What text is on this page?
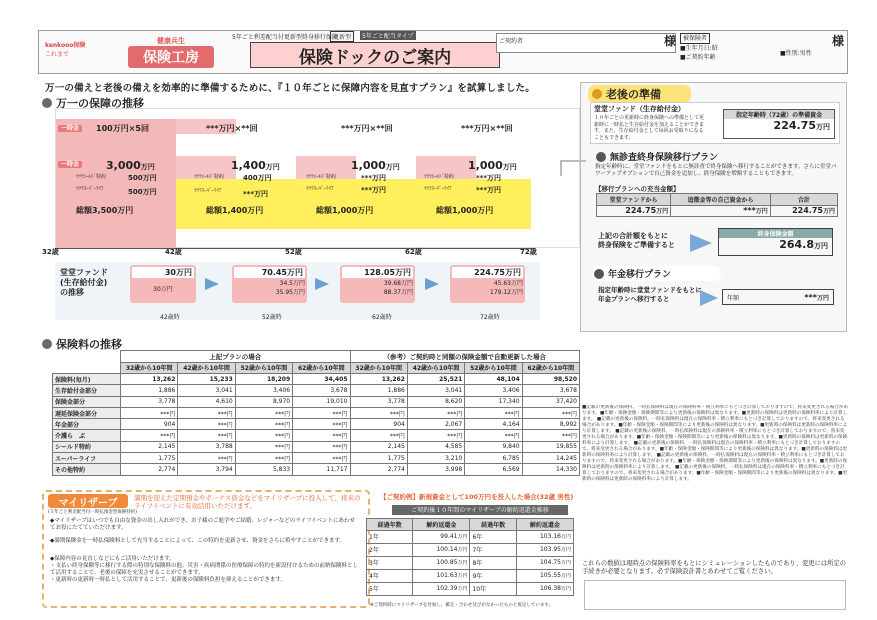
kenkooo保険
これまで
健康兵生
保険工房
5年ごと利差配当付更新型終身移行保険
更新型	5年ごと配当タイプ
保険ドックのご案内
ご契約者	様	被保険者
■生年月日:昭
■ご契約年齢
■性別:男性
様
万一の備えと老後の備えを効率的に準備するために、『１０年ごとに保障内容を見直すプラン』を試算しました。
万一の保障の推移
一時金	100万円×5回	***万円×**回	***万円×**回	***万円×**回
一時金 3,000万円	1,400万円	1,000万円	1,000万円
ﾏﾂﾗｼｰﾙﾄﾞ特約	500万円
ﾏﾂﾗｽｰﾊﾟｰﾗｲﾌ	500万円
ﾏﾂﾗｼｰﾙﾄﾞ特約	400万円
ﾏﾂﾗｽｰﾊﾟｰﾗｲﾌ	***万円
ﾏﾂﾗｼｰﾙﾄﾞ特約	***万円
ﾏﾂﾗｽｰﾊﾟｰﾗｲﾌ	***万円
ﾏﾂﾗｼｰﾙﾄﾞ特約	***万円
ﾏﾂﾗｽｰﾊﾟｰﾗｲﾌ	***万円
総額3,500万円	総額1,400万円	総額1,000万円	総額1,000万円
32歳	42歳	52歳	62歳	72歳
堂堂ファンド
(生存給付金)
の推移
30万円
30万円
70.45万円
34.5万円
35.95万円
128.05万円
39.68万円
88.37万円
224.75万円
45.63万円
179.12万円
42歳時	52歳時	62歳時	72歳時
老後の準備
堂堂ファンド（生存給付金）
１０年ごとの更新時に終身保険への準備として更新時に一時払と生存給付金を加えることができます。また、生存給付金として毎回お受取りになることもできます。
指定年齢時（72歳）の準備資金
224.75万円
無診査終身保険移行プラン
指定年齢時に、堂堂ファンドをもとに無診査で終身保険へ移行することができます。さらに堂堂パワーアップオプションで自己資金を追加し、終身保険を増額することもできます。
【移行プランへの充当金額】
堂堂ファンドから	追徴金等の自己資金から	合計
224.75万円	***万円	224.75万円
上記の合計額をもとに
終身保険をご準備すると
終身保険金額
264.8万円
年金移行プラン
指定年齢時に堂堂ファンドをもとに
年金プランへ移行すると	年額	***万円
保険料の推移
	上記プランの場合				（参考）ご契約時と同額の保険金額で自動更新した場合			
	32歳から10年間	42歳から10年間	52歳から10年間	62歳から10年間	32歳から10年間	42歳から10年間	52歳から10年間	62歳から10年間
保険料(毎月)	13,262	15,233	18,209	34,405	13,262	25,521	48,104	98,520
生存給付金部分	1,886	3,041	3,406	3,678	1,886	3,041	3,406	3,678
保険金部分	3,778	4,610	8,970	19,010	3,778	8,620	17,340	37,420
遅延保険金部分	***円	***円	***円	***円	***円	***円	***円	***円
年金部分	904	***円	***円	***円	904	2,067	4,164	8,992
介護ら　ぶ	***円	***円	***円	***円	***円	***円	***円	***円
シールド特約	2,145	3,788	***円	***円	2,145	4,585	9,840	19,855
スーパーライフ	1,775	***円	***円	***円	1,775	3,210	6,785	14,245
その他特約	2,774	3,794	5,833	11,717	2,774	3,998	6,569	14,330
マイリザーブ
(５年ごと利差配当付一時払預金型保険特約)
満期を迎えた定期預金やボーナス資金などをマイリザーブに投入して、将来のライフイベントに有効活用いただけます。
◆マイリザーブはいつでも自由な資金の出し入れができ、お子様のご進学やご結婚、レジャーなどのライフイベントにあわせてお役にたてていただけます。
◆満期保険金を一時払保険料として充当することによって、この特約を更新させ、資金をさらに殖やすことができます。
◆保障内容の見直しなどにもご活用いただけます。
・支払い終身保険等に移行する際の特別な保険料の他、災害・疾病関係の医療保障の特約を新設付けるための前納保険料として活用することで、老後の保障を充実させることができます。
・更新時の更新時一時払として活用することで、更新後の保険料負担を抑えることができます。
【ご契約例】新規資金として100万円を投入した場合(32歳 男性)
ご契約後１０年間のマイリザーブの解約返還金推移
経過年数	解約返還金	経過年数	解約返還金
1年	99.41万円	6年	103.16万円
2年	100.14万円	7年	103.95万円
3年	100.85万円	8年	104.75万円
4年	101.63万円	9年	105.55万円
5年	102.39万円	10年	106.38万円
※ご契約時にマイリザーブを付加し、確定・合わせ及びがなかったものと仮定しています。
■記載の更新後の保険料、一時払保険料は現在の保険料率・積立利率にもとづき計算しておりますので、将来変更される場合があります。■年齢・保険金額・保険期間等により更新後の保険料は異なります。■更新時の保険料は更新時の保険料率により計算します。 ■記載の更新後の保険料、一時払保険料は現在の保険料率・積立利率にもとづき計算しておりますので、将来変更される場合があります。■年齢・保険金額・保険期間等により更新後の保険料は異なります。■更新時の保険料は更新時の保険料率により計算します。 ■記載の更新後の保険料、一時払保険料は現在の保険料率・積立利率にもとづき計算しておりますので、将来変更される場合があります。■年齢・保険金額・保険期間等により更新後の保険料は異なります。■更新時の保険料は更新時の保険料率により計算します。 ■記載の更新後の保険料、一時払保険料は現在の保険料率・積立利率にもとづき計算しておりますので、将来変更される場合があります。■年齢・保険金額・保険期間等により更新後の保険料は異なります。■更新時の保険料は更新時の保険料率により計算します。 ■記載の更新後の保険料、一時払保険料は現在の保険料率・積立利率にもとづき計算しておりますので、将来変更される場合があります。■年齢・保険金額・保険期間等により更新後の保険料は異なります。■更新時の保険料は更新時の保険料率により計算します。 ■記載の更新後の保険料、一時払保険料は現在の保険料率・積立利率にもとづき計算しておりますので、将来変更される場合があります。■年齢・保険金額・保険期間等により更新後の保険料は異なります。■更新時の保険料は更新時の保険料率により計算します。
これらの数値は現時点の保険料率をもとにシミュレーションしたものであり、変更には所定の手続きが必要となります。必ず保険設計書とあわせてご覧ください。
